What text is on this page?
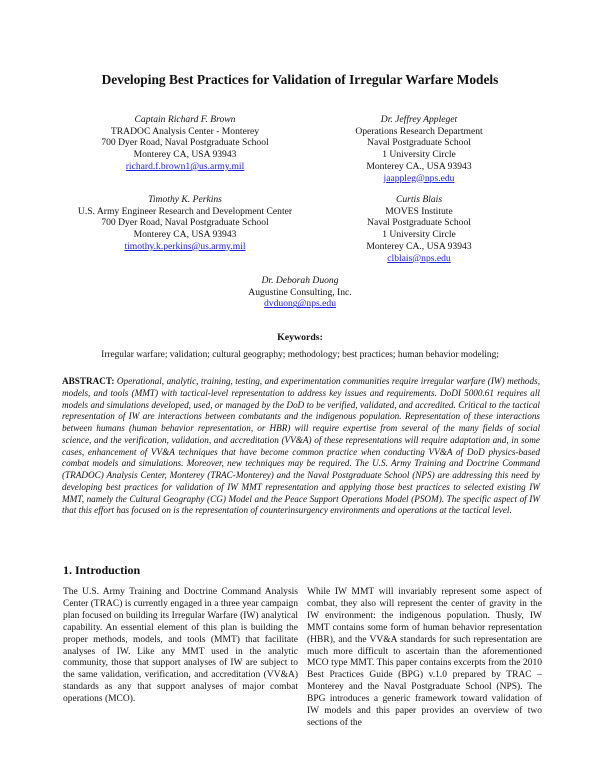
Developing Best Practices for Validation of Irregular Warfare Models
Captain Richard F. Brown
TRADOC Analysis Center - Monterey
700 Dyer Road, Naval Postgraduate School
Monterey CA, USA 93943
richard.f.brown1@us.army.mil
Dr. Jeffrey Appleget
Operations Research Department
Naval Postgraduate School
1 University Circle
Monterey CA., USA 93943
jaappleg@nps.edu
Timothy K. Perkins
U.S. Army Engineer Research and Development Center
700 Dyer Road, Naval Postgraduate School
Monterey CA, USA 93943
timothy.k.perkins@us.army.mil
Curtis Blais
MOVES Institute
Naval Postgraduate School
1 University Circle
Monterey CA., USA 93943
clblais@nps.edu
Dr. Deborah Duong
Augustine Consulting, Inc.
dvduong@nps.edu
Keywords:
Irregular warfare; validation; cultural geography; methodology; best practices; human behavior modeling;
ABSTRACT: Operational, analytic, training, testing, and experimentation communities require irregular warfare (IW) methods, models, and tools (MMT) with tactical-level representation to address key issues and requirements. DoDI 5000.61 requires all models and simulations developed, used, or managed by the DoD to be verified, validated, and accredited. Critical to the tactical representation of IW are interactions between combatants and the indigenous population. Representation of these interactions between humans (human behavior representation, or HBR) will require expertise from several of the many fields of social science, and the verification, validation, and accreditation (VV&A) of these representations will require adaptation and, in some cases, enhancement of VV&A techniques that have become common practice when conducting VV&A of DoD physics-based combat models and simulations. Moreover, new techniques may be required. The U.S. Army Training and Doctrine Command (TRADOC) Analysis Center, Monterey (TRAC-Monterey) and the Naval Postgraduate School (NPS) are addressing this need by developing best practices for validation of IW MMT representation and applying those best practices to selected existing IW MMT, namely the Cultural Geography (CG) Model and the Peace Support Operations Model (PSOM). The specific aspect of IW that this effort has focused on is the representation of counterinsurgency environments and operations at the tactical level.
1. Introduction
The U.S. Army Training and Doctrine Command Analysis Center (TRAC) is currently engaged in a three year campaign plan focused on building its Irregular Warfare (IW) analytical capability. An essential element of this plan is building the proper methods, models, and tools (MMT) that facilitate analyses of IW. Like any MMT used in the analytic community, those that support analyses of IW are subject to the same validation, verification, and accreditation (VV&A) standards as any that support analyses of major combat operations (MCO).
While IW MMT will invariably represent some aspect of combat, they also will represent the center of gravity in the IW environment: the indigenous population. Thusly, IW MMT contains some form of human behavior representation (HBR), and the VV&A standards for such representation are much more difficult to ascertain than the aforementioned MCO type MMT. This paper contains excerpts from the 2010 Best Practices Guide (BPG) v.1.0 prepared by TRAC – Monterey and the Naval Postgraduate School (NPS). The BPG introduces a generic framework toward validation of IW models and this paper provides an overview of two sections of the
